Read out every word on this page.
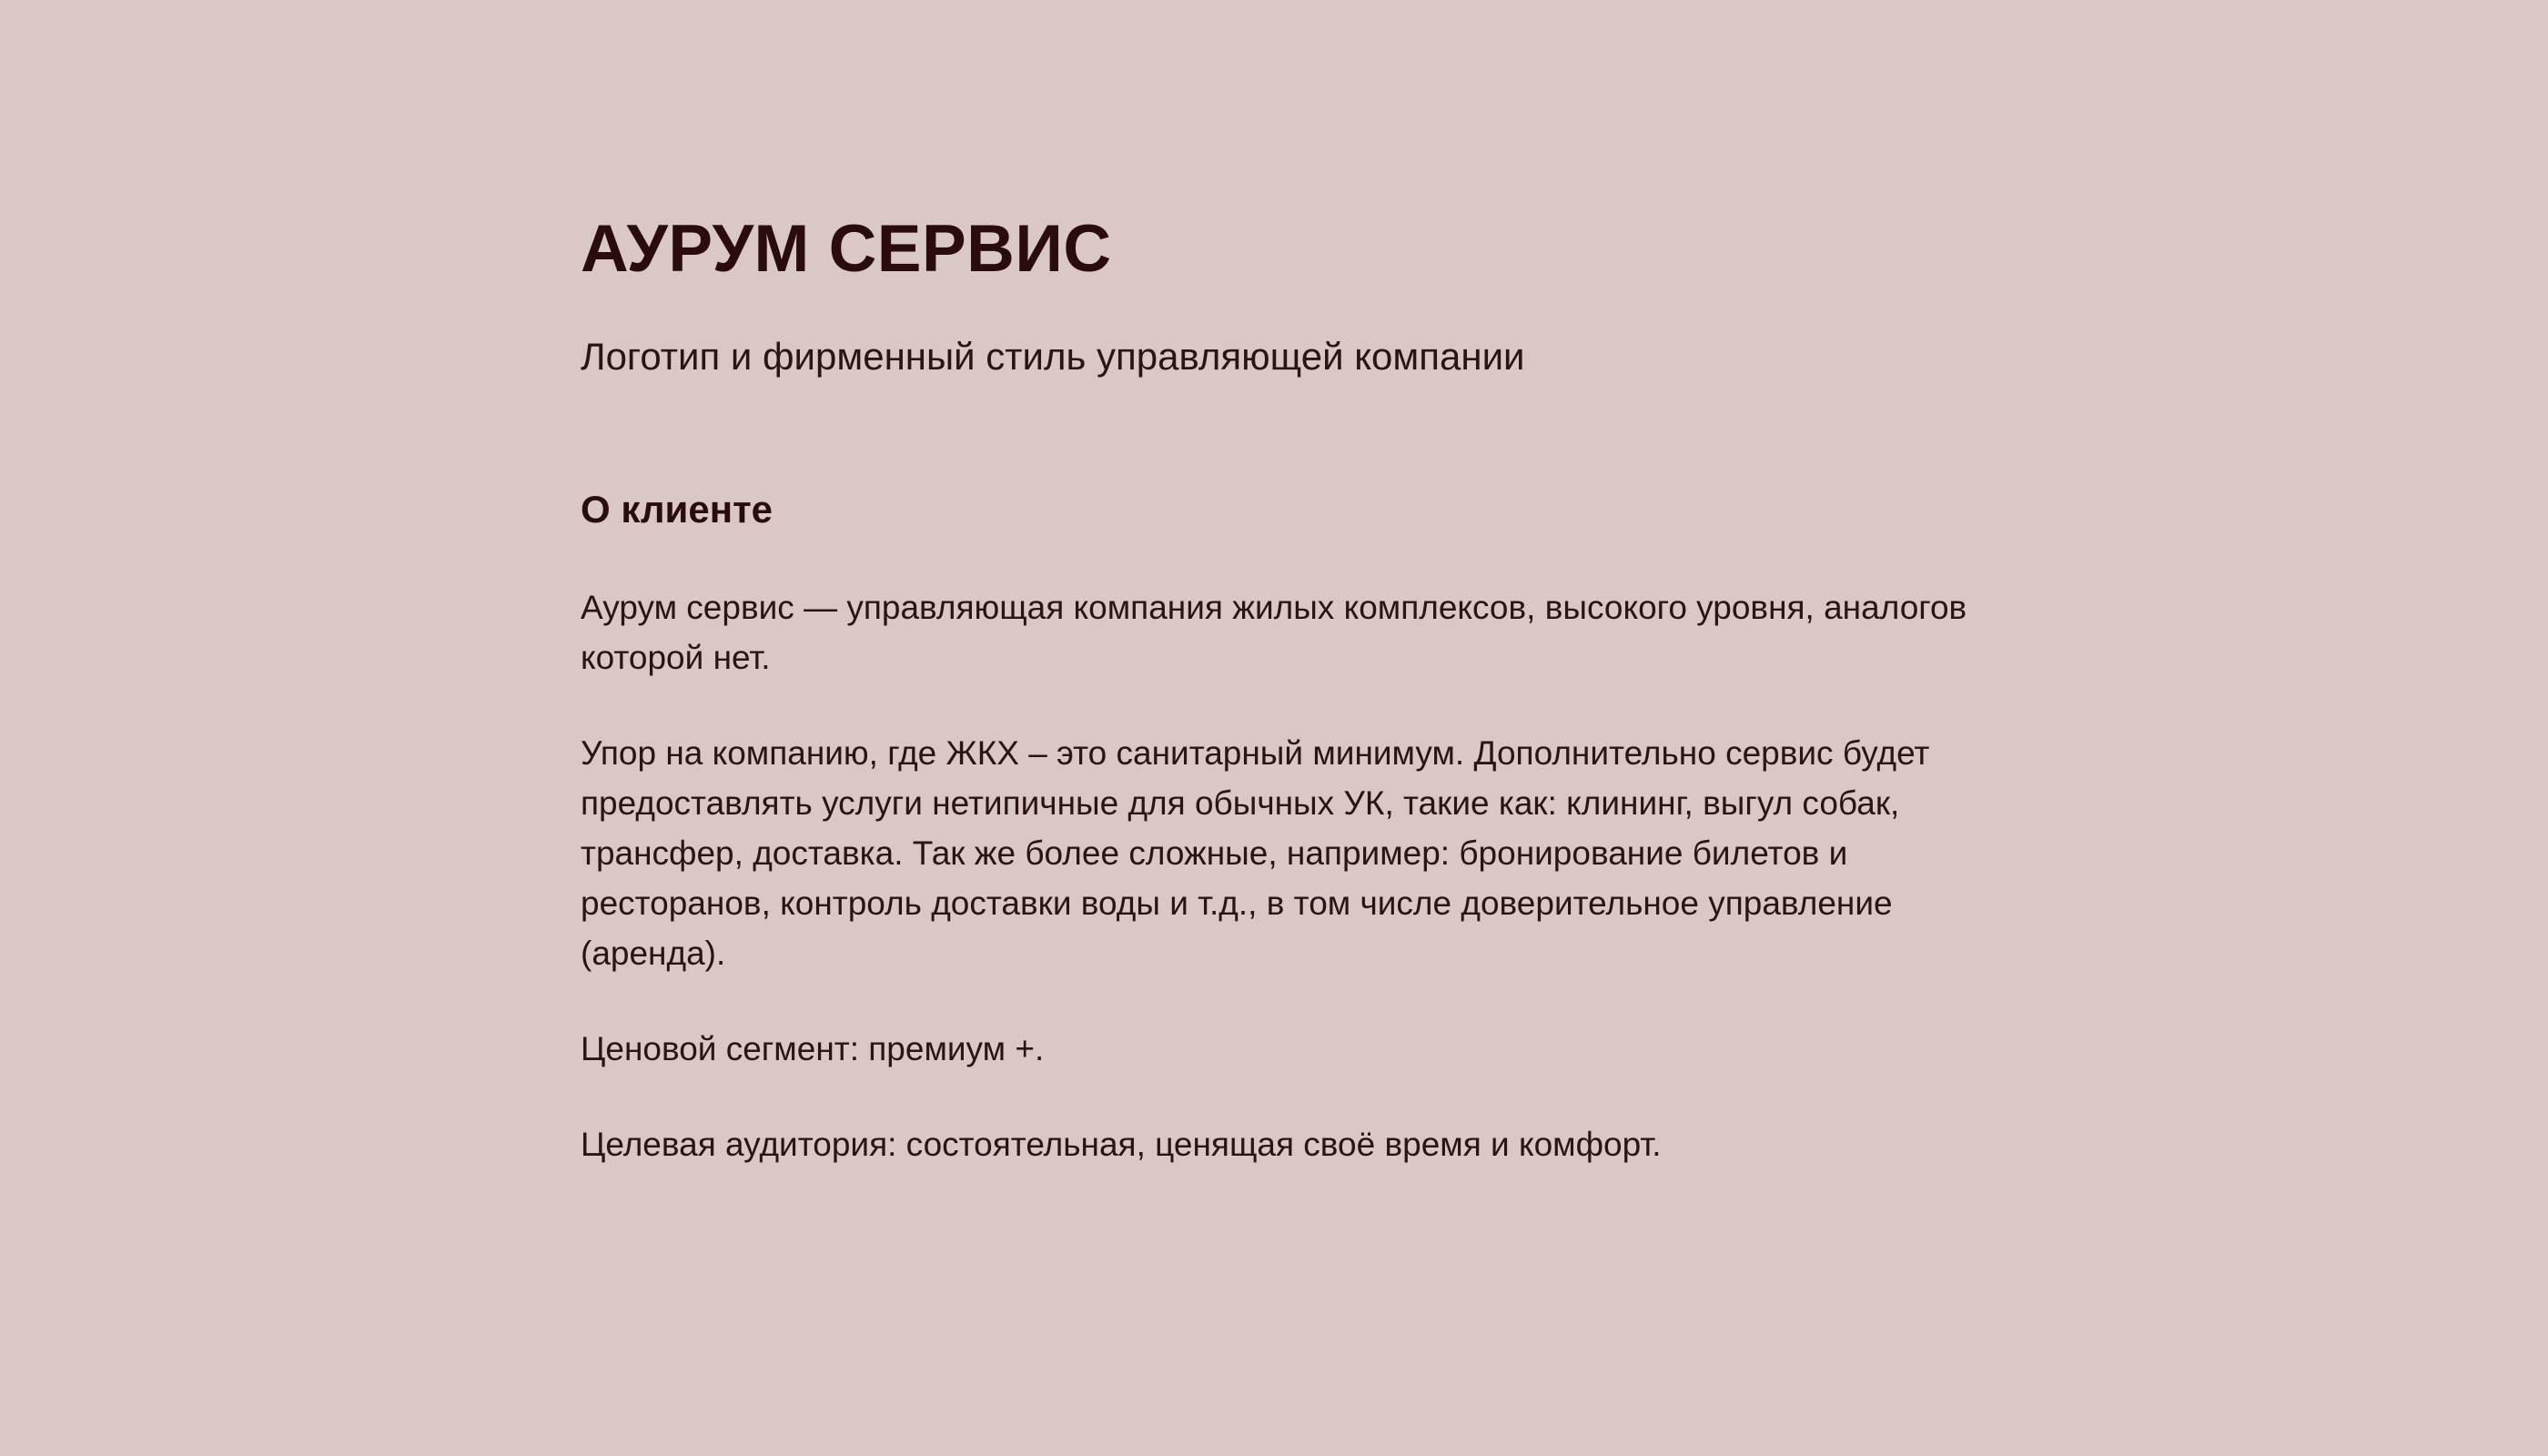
АУРУМ СЕРВИС

Логотип и фирменный стиль управляющей компании

О клиенте

Аурум сервис — управляющая компания жилых комплексов, высокого уровня, аналогов которой нет.

Упор на компанию, где ЖКХ – это санитарный минимум. Дополнительно сервис будет предоставлять услуги нетипичные для обычных УК, такие как: клининг, выгул собак, трансфер, доставка. Так же более сложные, например: бронирование билетов и ресторанов, контроль доставки воды и т.д., в том числе доверительное управление (аренда).

Ценовой сегмент: премиум +.

Целевая аудитория: состоятельная, ценящая своё время и комфорт.
